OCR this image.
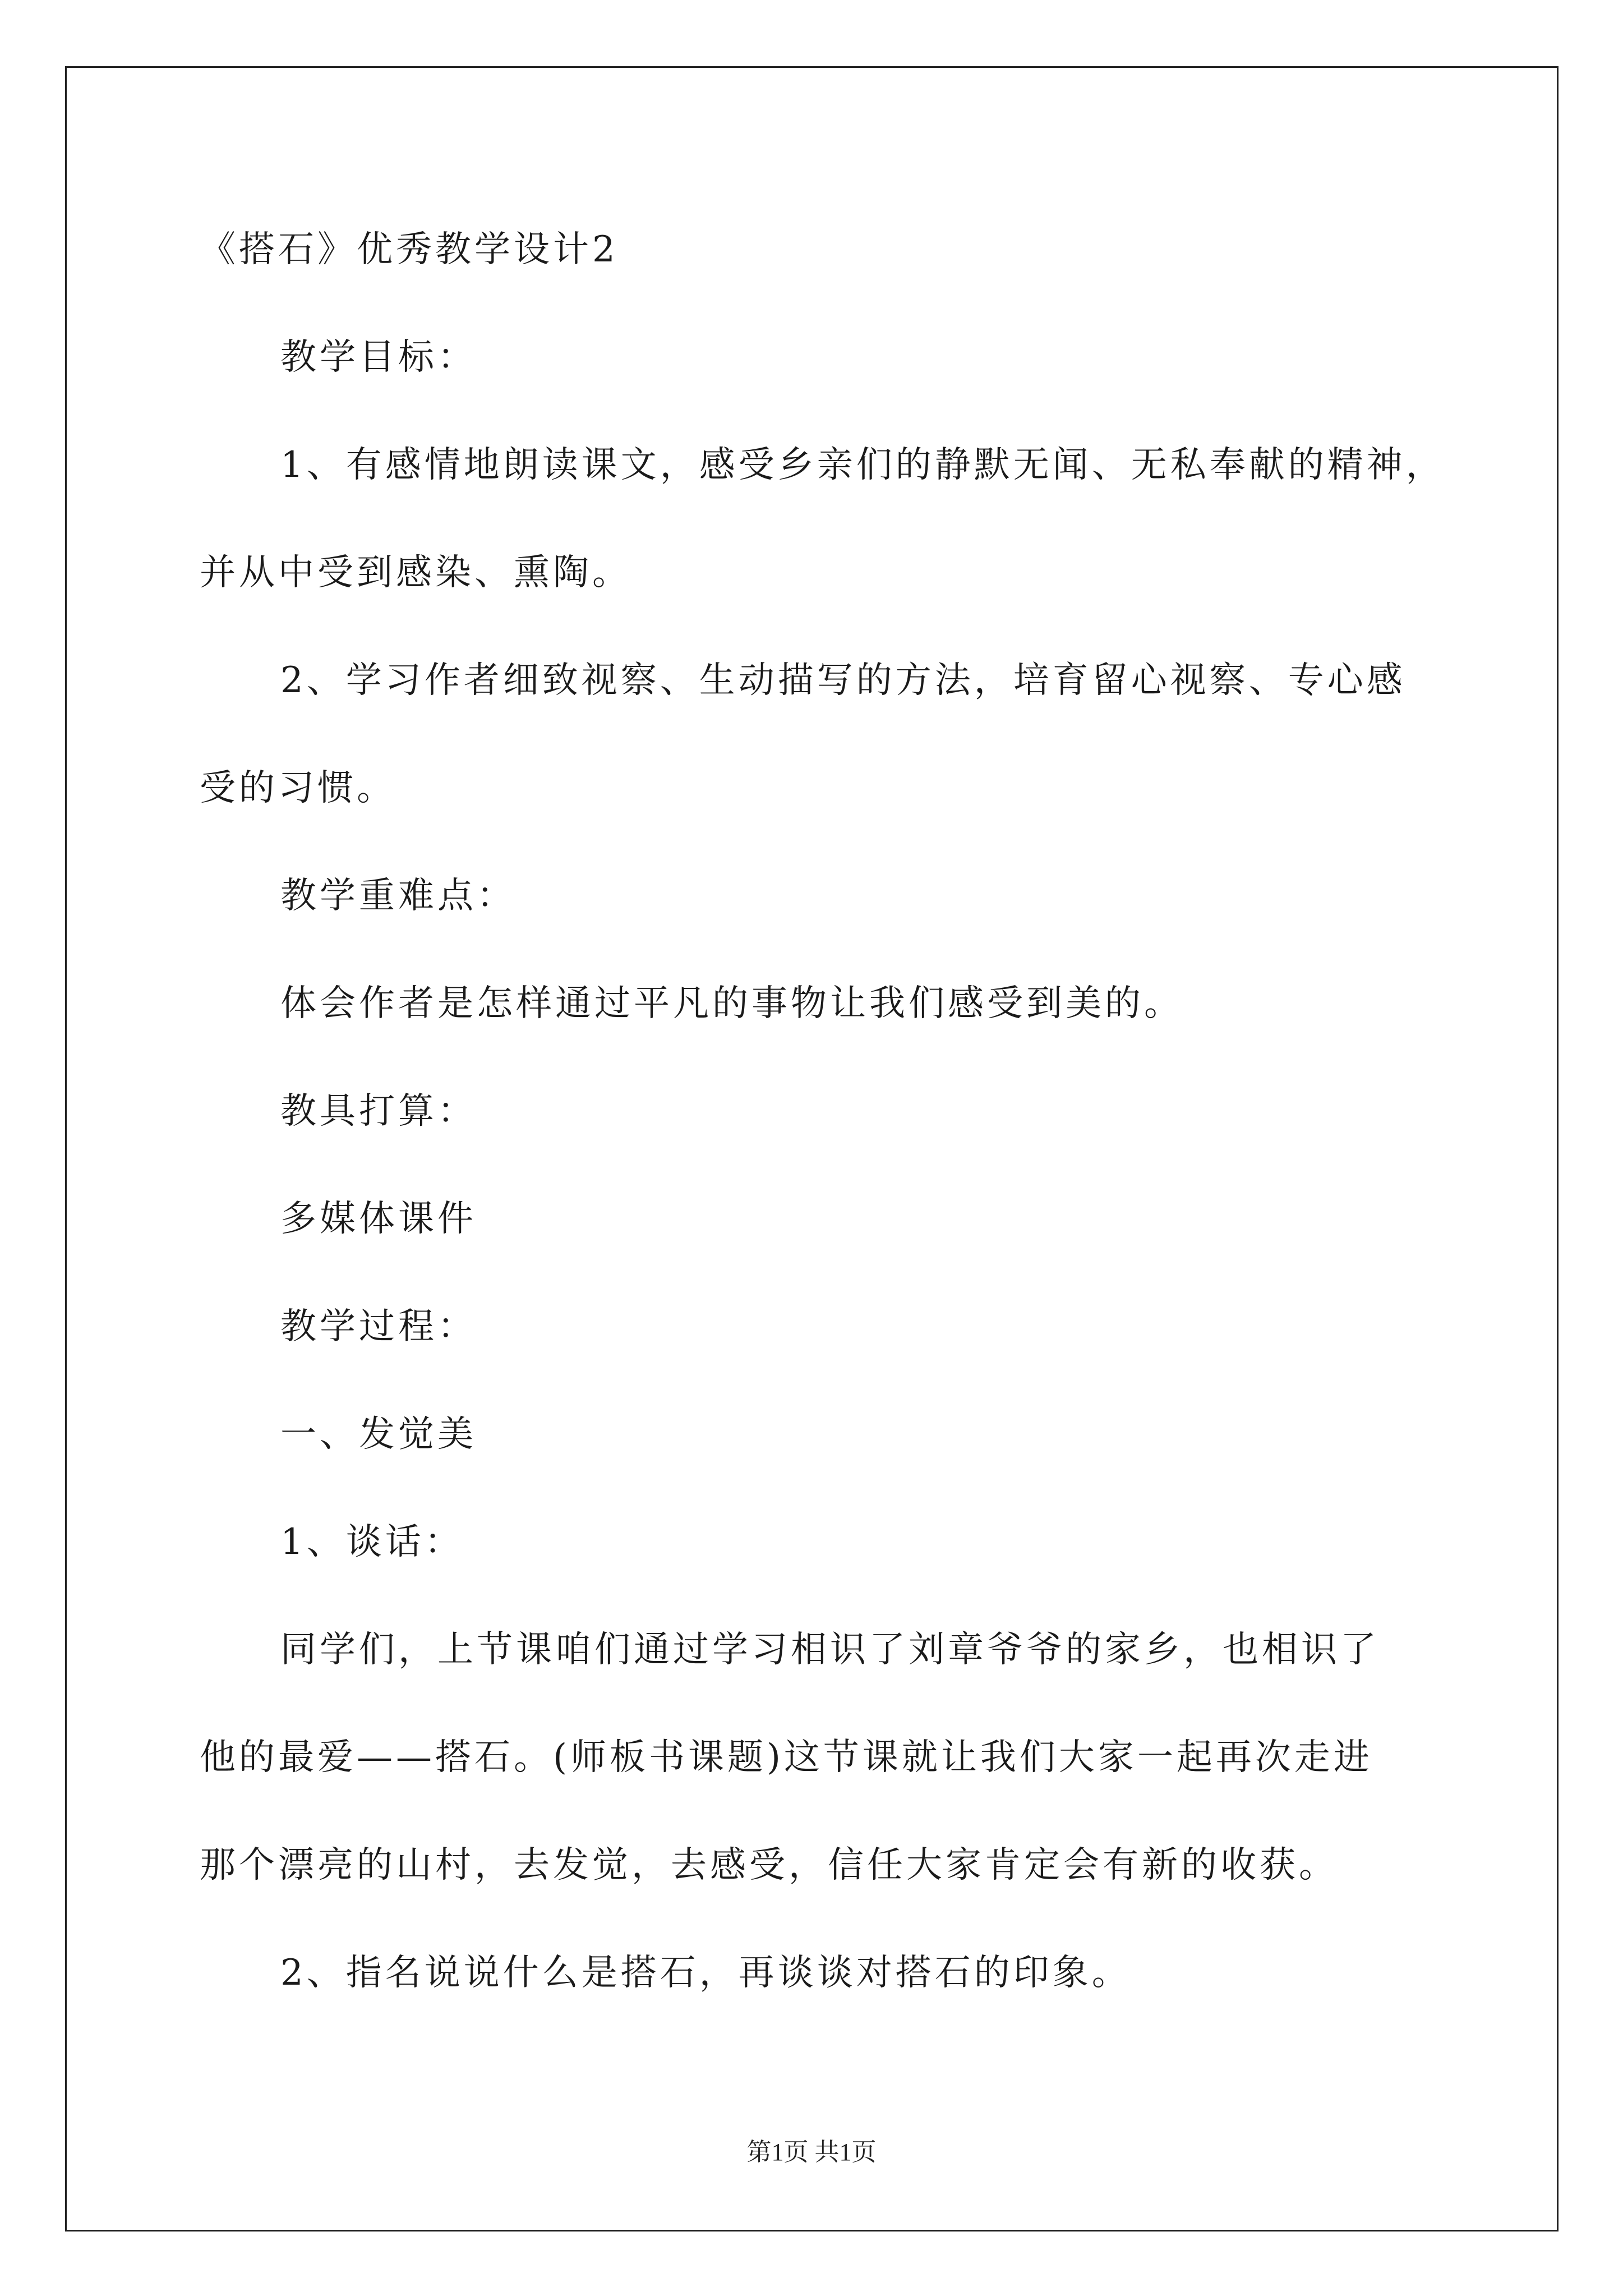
《搭石》优秀教学设计2
教学目标：
1、有感情地朗读课文，感受乡亲们的静默无闻、无私奉献的精神，
并从中受到感染、熏陶。
2、学习作者细致视察、生动描写的方法，培育留心视察、专心感
受的习惯。
教学重难点：
体会作者是怎样通过平凡的事物让我们感受到美的。
教具打算：
多媒体课件
教学过程：
一、发觉美
1、谈话：
同学们，上节课咱们通过学习相识了刘章爷爷的家乡，也相识了
他的最爱——搭石。(师板书课题)这节课就让我们大家一起再次走进
那个漂亮的山村，去发觉，去感受，信任大家肯定会有新的收获。
2、指名说说什么是搭石，再谈谈对搭石的印象。
第1页 共1页
